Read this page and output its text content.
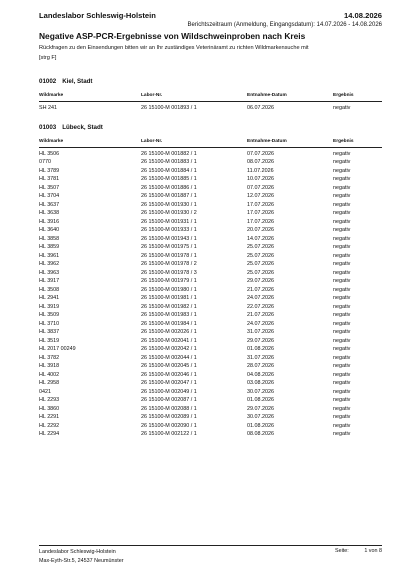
Landeslabor Schleswig-Holstein	14.08.2026
Berichtszeitraum (Anmeldung, Eingangsdatum): 14.07.2026 - 14.08.2026
Negative ASP-PCR-Ergebnisse von Wildschweinproben nach Kreis
Rückfragen zu den Einsendungen bitten wir an Ihr zuständiges Veterinäramt zu richten Wildmarkensuche mit [strg F]
01002 Kiel, Stadt
Wildmarke	Labor-Nr.	Entnahme-Datum	Ergebnis
SH 241	26 15100-M 001893 / 1	06.07.2026	negativ
01003 Lübeck, Stadt
Wildmarke	Labor-Nr.	Entnahme-Datum	Ergebnis
HL 3506	26 15100-M 001882 / 1	07.07.2026	negativ
0770	26 15100-M 001883 / 1	08.07.2026	negativ
HL 3789	26 15100-M 001884 / 1	11.07.2026	negativ
HL 3781	26 15100-M 001885 / 1	10.07.2026	negativ
HL 3507	26 15100-M 001886 / 1	07.07.2026	negativ
HL 3704	26 15100-M 001887 / 1	12.07.2026	negativ
HL 3637	26 15100-M 001930 / 1	17.07.2026	negativ
HL 3638	26 15100-M 001930 / 2	17.07.2026	negativ
HL 3916	26 15100-M 001931 / 1	17.07.2026	negativ
HL 3640	26 15100-M 001933 / 1	20.07.2026	negativ
HL 3858	26 15100-M 001943 / 1	14.07.2026	negativ
HL 3859	26 15100-M 001975 / 1	25.07.2026	negativ
HL 3961	26 15100-M 001978 / 1	25.07.2026	negativ
HL 3962	26 15100-M 001978 / 2	25.07.2026	negativ
HL 3963	26 15100-M 001978 / 3	25.07.2026	negativ
HL 3917	26 15100-M 001979 / 1	29.07.2026	negativ
HL 3508	26 15100-M 001980 / 1	21.07.2026	negativ
HL 2941	26 15100-M 001981 / 1	24.07.2026	negativ
HL 3919	26 15100-M 001982 / 1	22.07.2026	negativ
HL 3509	26 15100-M 001983 / 1	21.07.2026	negativ
HL 3710	26 15100-M 001984 / 1	24.07.2026	negativ
HL 3837	26 15100-M 002026 / 1	31.07.2026	negativ
HL 3519	26 15100-M 002041 / 1	29.07.2026	negativ
HL 2017 00249	26 15100-M 002042 / 1	01.08.2026	negativ
HL 3782	26 15100-M 002044 / 1	31.07.2026	negativ
HL 3918	26 15100-M 002045 / 1	28.07.2026	negativ
HL 4002	26 15100-M 002046 / 1	04.08.2026	negativ
HL 2958	26 15100-M 002047 / 1	03.08.2026	negativ
0421	26 15100-M 002049 / 1	30.07.2026	negativ
HL 2293	26 15100-M 002087 / 1	01.08.2026	negativ
HL 3860	26 15100-M 002088 / 1	29.07.2026	negativ
HL 2291	26 15100-M 002089 / 1	30.07.2026	negativ
HL 2292	26 15100-M 002090 / 1	01.08.2026	negativ
HL 2294	26 15100-M 002122 / 1	08.08.2026	negativ
Landeslabor Schleswig-Holstein
Max-Eyth-Str.5, 24537 Neumünster
Seite:	1 von 8
